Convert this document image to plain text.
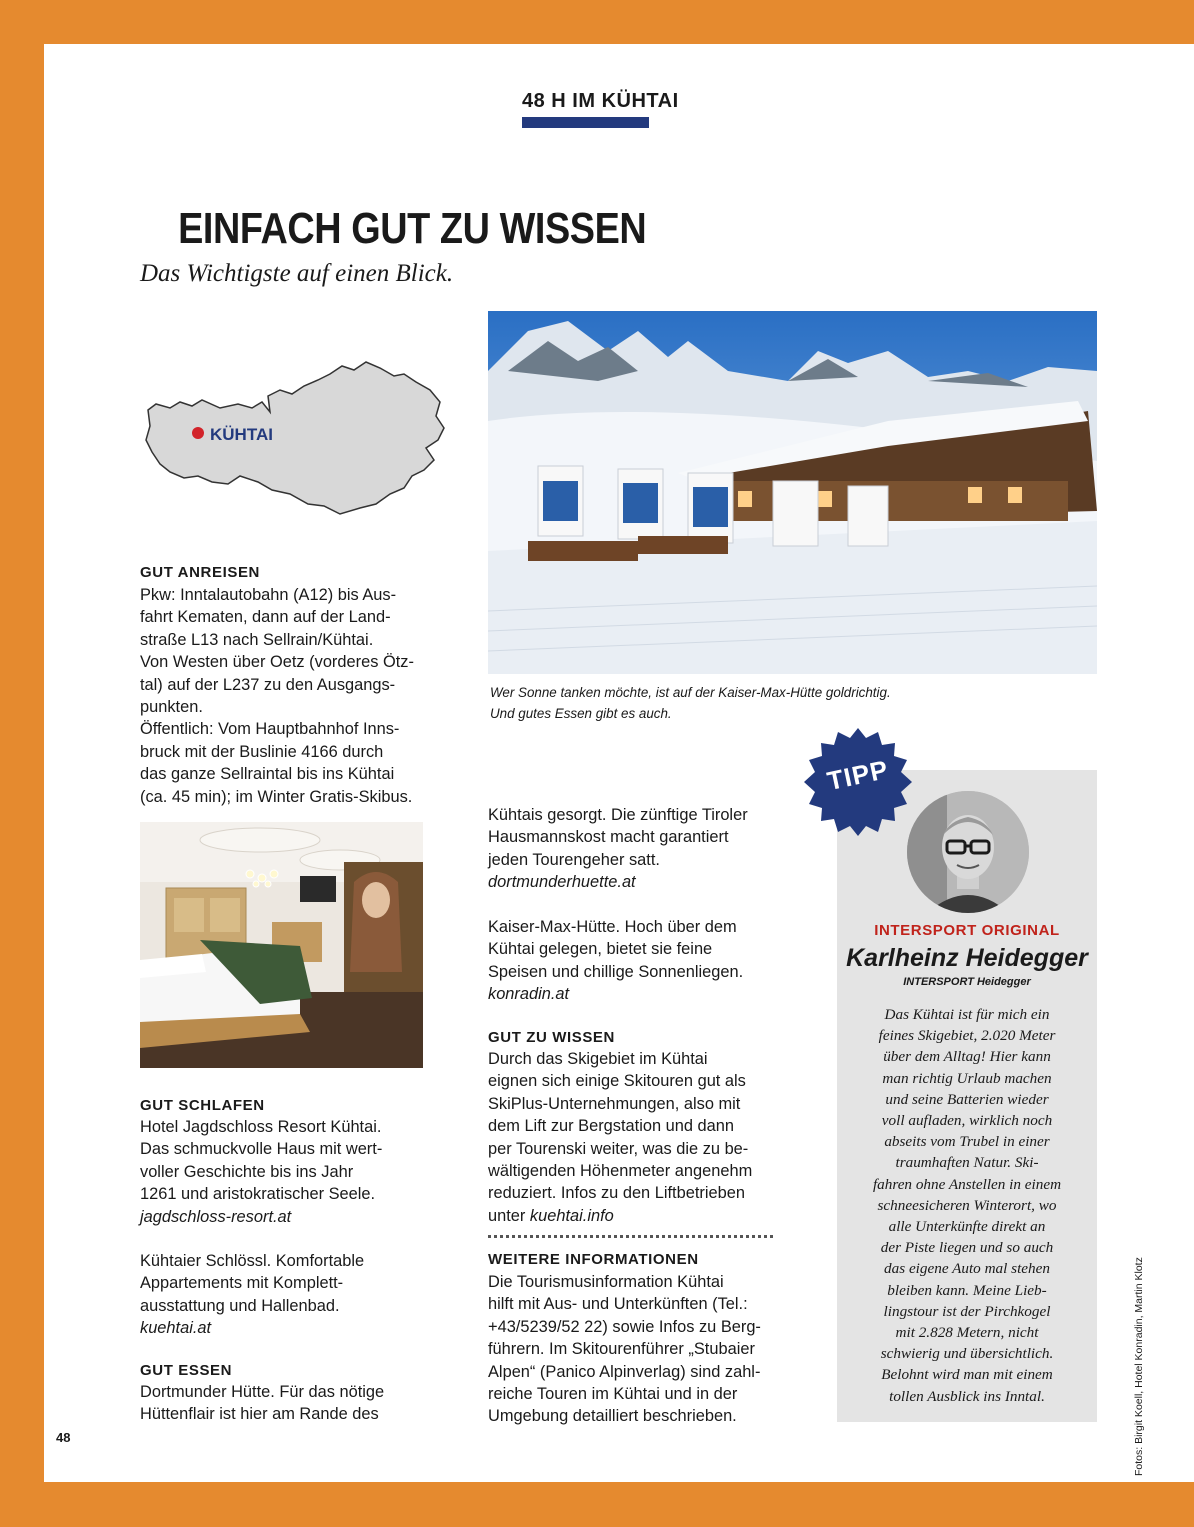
48 H IM KÜHTAI
EINFACH GUT ZU WISSEN
Das Wichtigste auf einen Blick.
KÜHTAI
GUT ANREISEN
Pkw: Inntalautobahn (A12) bis Aus-
fahrt Kematen, dann auf der Land-
straße L13 nach Sellrain/Kühtai.
Von Westen über Oetz (vorderes Ötz-
tal) auf der L237 zu den Ausgangs-
punkten.
Öffentlich: Vom Hauptbahnhof Inns-
bruck mit der Buslinie 4166 durch
das ganze Sellraintal bis ins Kühtai
(ca. 45 min); im Winter Gratis-Skibus.
GUT SCHLAFEN
Hotel Jagdschloss Resort Kühtai.
Das schmuckvolle Haus mit wert-
voller Geschichte bis ins Jahr
1261 und aristokratischer Seele.
jagdschloss-resort.at
Kühtaier Schlössl. Komfortable
Appartements mit Komplett-
ausstattung und Hallenbad.
kuehtai.at
GUT ESSEN
Dortmunder Hütte. Für das nötige
Hüttenflair ist hier am Rande des
Wer Sonne tanken möchte, ist auf der Kaiser-Max-Hütte goldrichtig.
Und gutes Essen gibt es auch.
Kühtais gesorgt. Die zünftige Tiroler
Hausmannskost macht garantiert
jeden Tourengeher satt.
dortmunderhuette.at
Kaiser-Max-Hütte. Hoch über dem
Kühtai gelegen, bietet sie feine
Speisen und chillige Sonnenliegen.
konradin.at
GUT ZU WISSEN
Durch das Skigebiet im Kühtai
eignen sich einige Skitouren gut als
SkiPlus-Unternehmungen, also mit
dem Lift zur Bergstation und dann
per Tourenski weiter, was die zu be-
wältigenden Höhenmeter angenehm
reduziert. Infos zu den Liftbetrieben
unter kuehtai.info
WEITERE INFORMATIONEN
Die Tourismusinformation Kühtai
hilft mit Aus- und Unterkünften (Tel.:
+43/5239/52 22) sowie Infos zu Berg-
führern. Im Skitourenführer „Stubaier
Alpen“ (Panico Alpinverlag) sind zahl-
reiche Touren im Kühtai und in der
Umgebung detailliert beschrieben.
TIPP
INTERSPORT ORIGINAL
Karlheinz Heidegger
INTERSPORT Heidegger
Das Kühtai ist für mich ein
feines Skigebiet, 2.020 Meter
über dem Alltag! Hier kann
man richtig Urlaub machen
und seine Batterien wieder
voll aufladen, wirklich noch
abseits vom Trubel in einer
traumhaften Natur. Ski-
fahren ohne Anstellen in einem
schneesicheren Winterort, wo
alle Unterkünfte direkt an
der Piste liegen und so auch
das eigene Auto mal stehen
bleiben kann. Meine Lieb-
lingstour ist der Pirchkogel
mit 2.828 Metern, nicht
schwierig und übersichtlich.
Belohnt wird man mit einem
tollen Ausblick ins Inntal.	Fotos: Birgit Koell, Hotel Konradin, Martin Klotz
48
